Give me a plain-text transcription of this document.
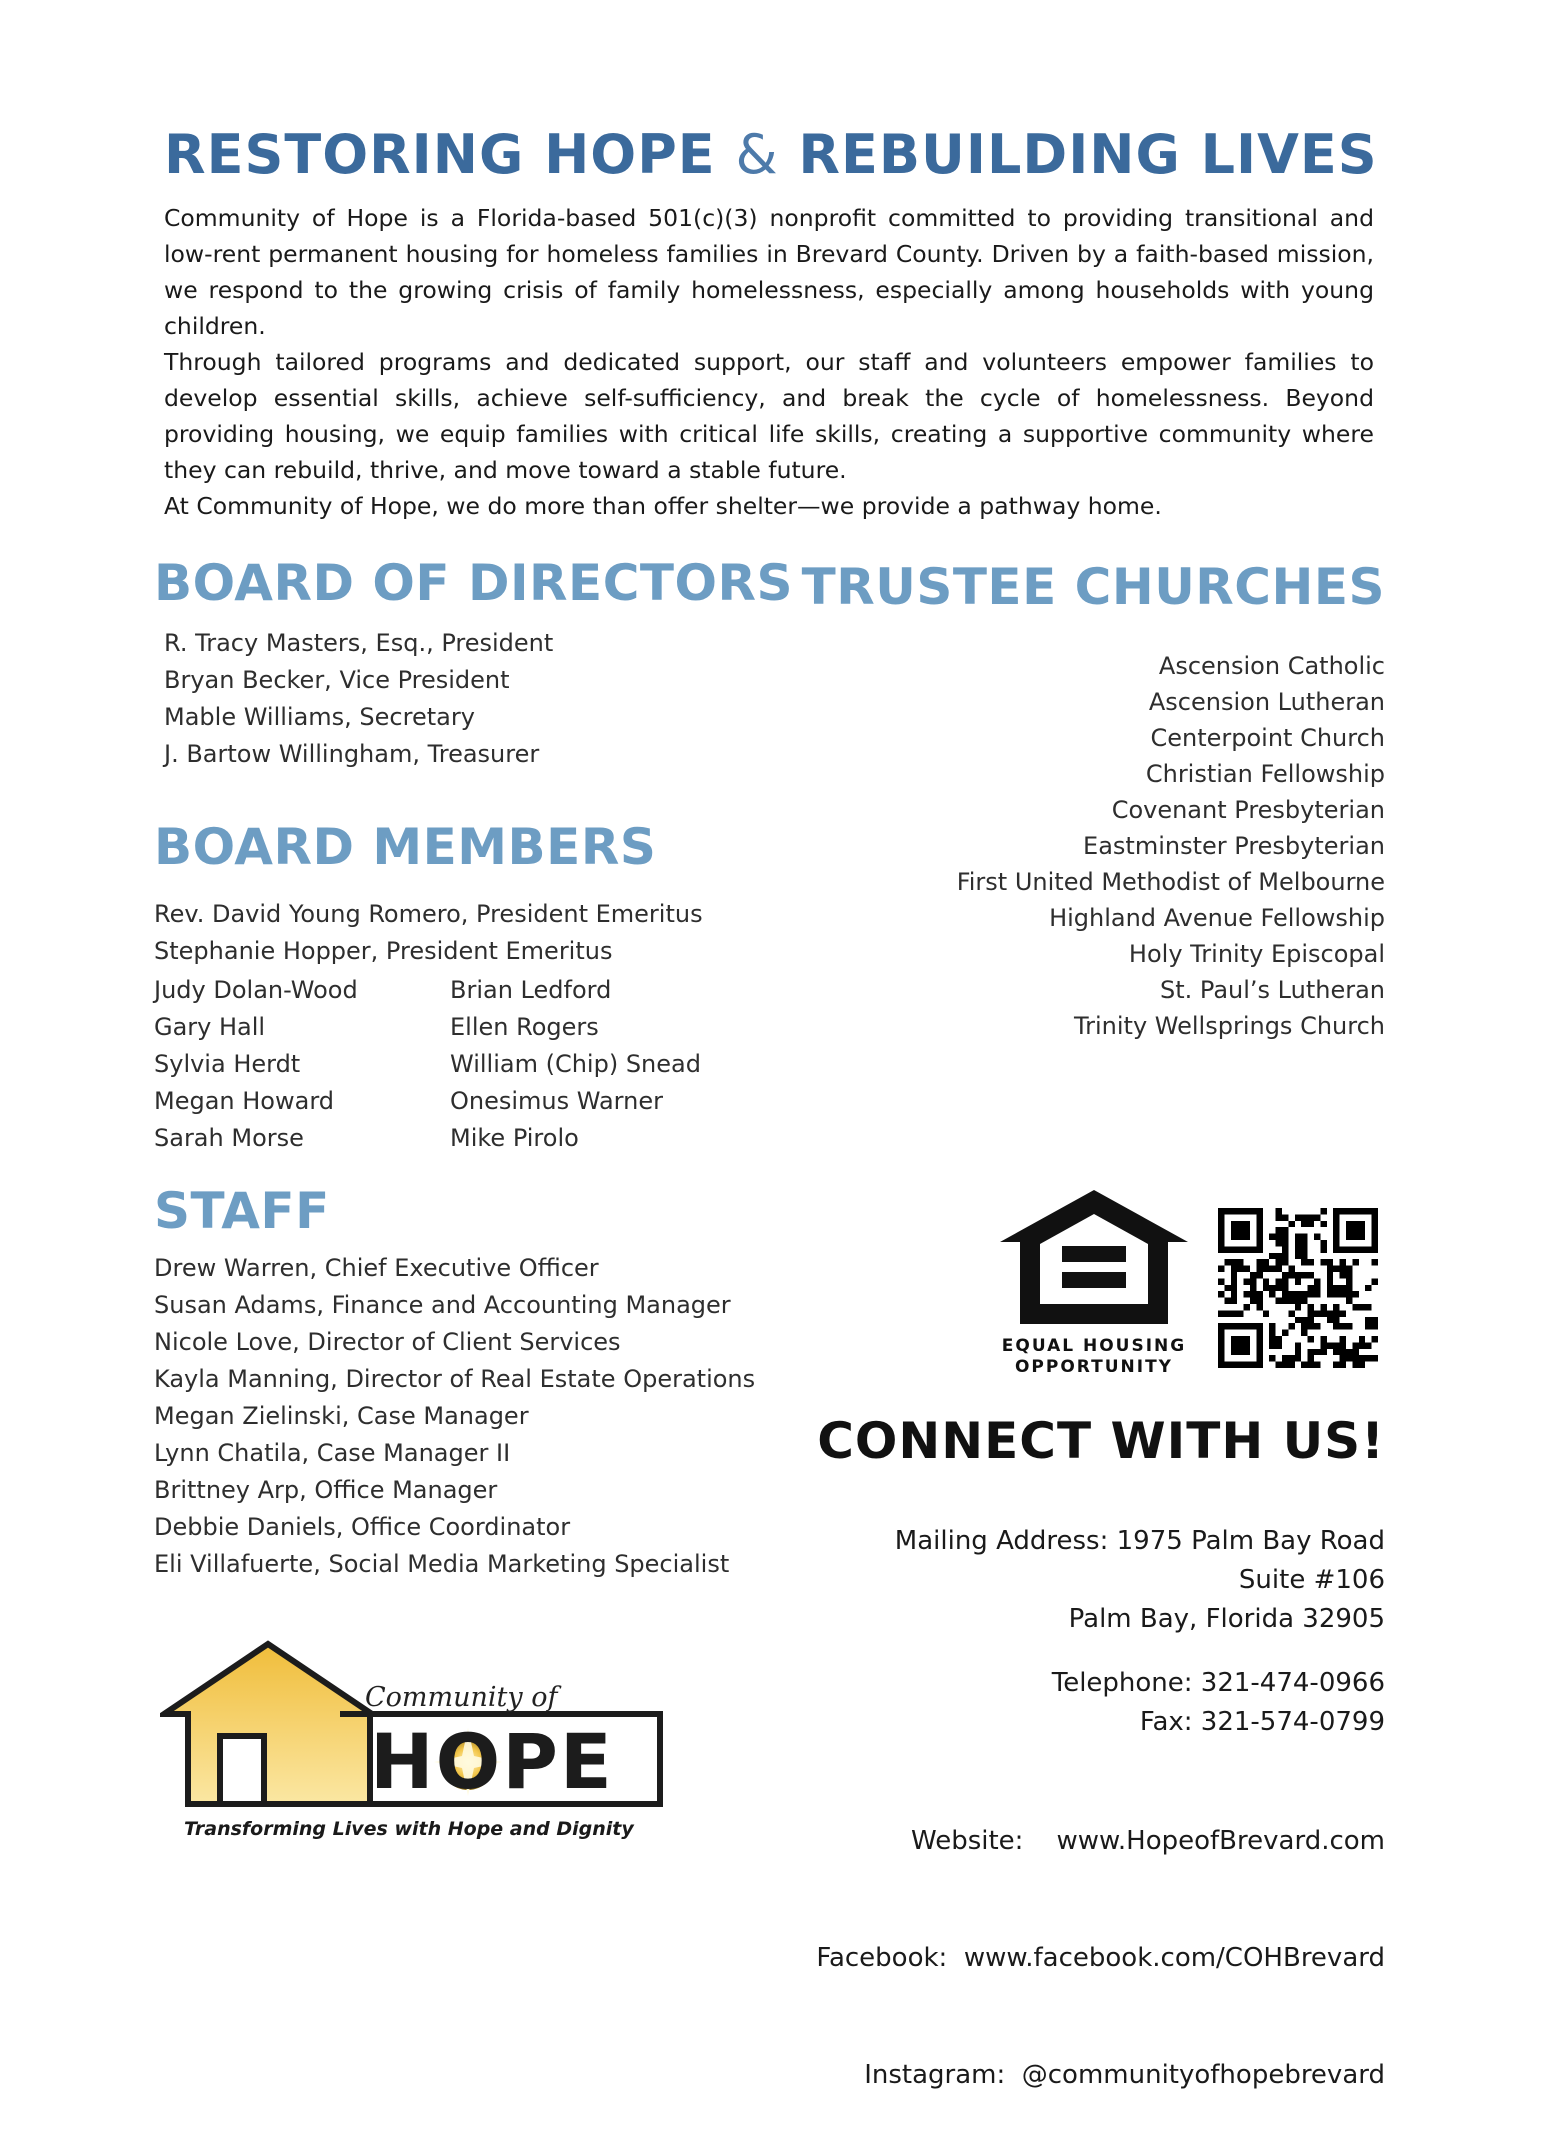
RESTORING HOPE & REBUILDING LIVES

Community of Hope is a Florida-based 501(c)(3) nonprofit committed to providing transitional and low-rent permanent housing for homeless families in Brevard County. Driven by a faith-based mission, we respond to the growing crisis of family homelessness, especially among households with young children.

Through tailored programs and dedicated support, our staff and volunteers empower families to develop essential skills, achieve self-sufficiency, and break the cycle of homelessness. Beyond providing housing, we equip families with critical life skills, creating a supportive community where they can rebuild, thrive, and move toward a stable future.

At Community of Hope, we do more than offer shelter—we provide a pathway home.

BOARD OF DIRECTORS
R. Tracy Masters, Esq., President
Bryan Becker, Vice President
Mable Williams, Secretary
J. Bartow Willingham, Treasurer
TRUSTEE CHURCHES
Ascension Catholic
Ascension Lutheran
Centerpoint Church
Christian Fellowship
Covenant Presbyterian
Eastminster Presbyterian
First United Methodist of Melbourne
Highland Avenue Fellowship
Holy Trinity Episcopal
St. Paul’s Lutheran
Trinity Wellsprings Church
BOARD MEMBERS
Rev. David Young Romero, President Emeritus
Stephanie Hopper, President Emeritus
Judy Dolan-Wood
Gary Hall
Sylvia Herdt
Megan Howard
Sarah Morse
Brian Ledford
Ellen Rogers
William (Chip) Snead
Onesimus Warner
Mike Pirolo
STAFF
Drew Warren, Chief Executive Officer
Susan Adams, Finance and Accounting Manager
Nicole Love, Director of Client Services
Kayla Manning, Director of Real Estate Operations
Megan Zielinski, Case Manager
Lynn Chatila, Case Manager II
Brittney Arp, Office Manager
Debbie Daniels, Office Coordinator
Eli Villafuerte, Social Media Marketing Specialist
EQUAL HOUSING
OPPORTUNITY
CONNECT WITH US!
Mailing Address: 1975 Palm Bay Road
Suite #106
Palm Bay, Florida 32905
Telephone: 321-474-0966
Fax: 321-574-0799

Website:    www.HopeofBrevard.com

Facebook:  www.facebook.com/COHBrevard

Instagram:  @communityofhopebrevard

Community of
HOPE
Transforming Lives with Hope and Dignity
